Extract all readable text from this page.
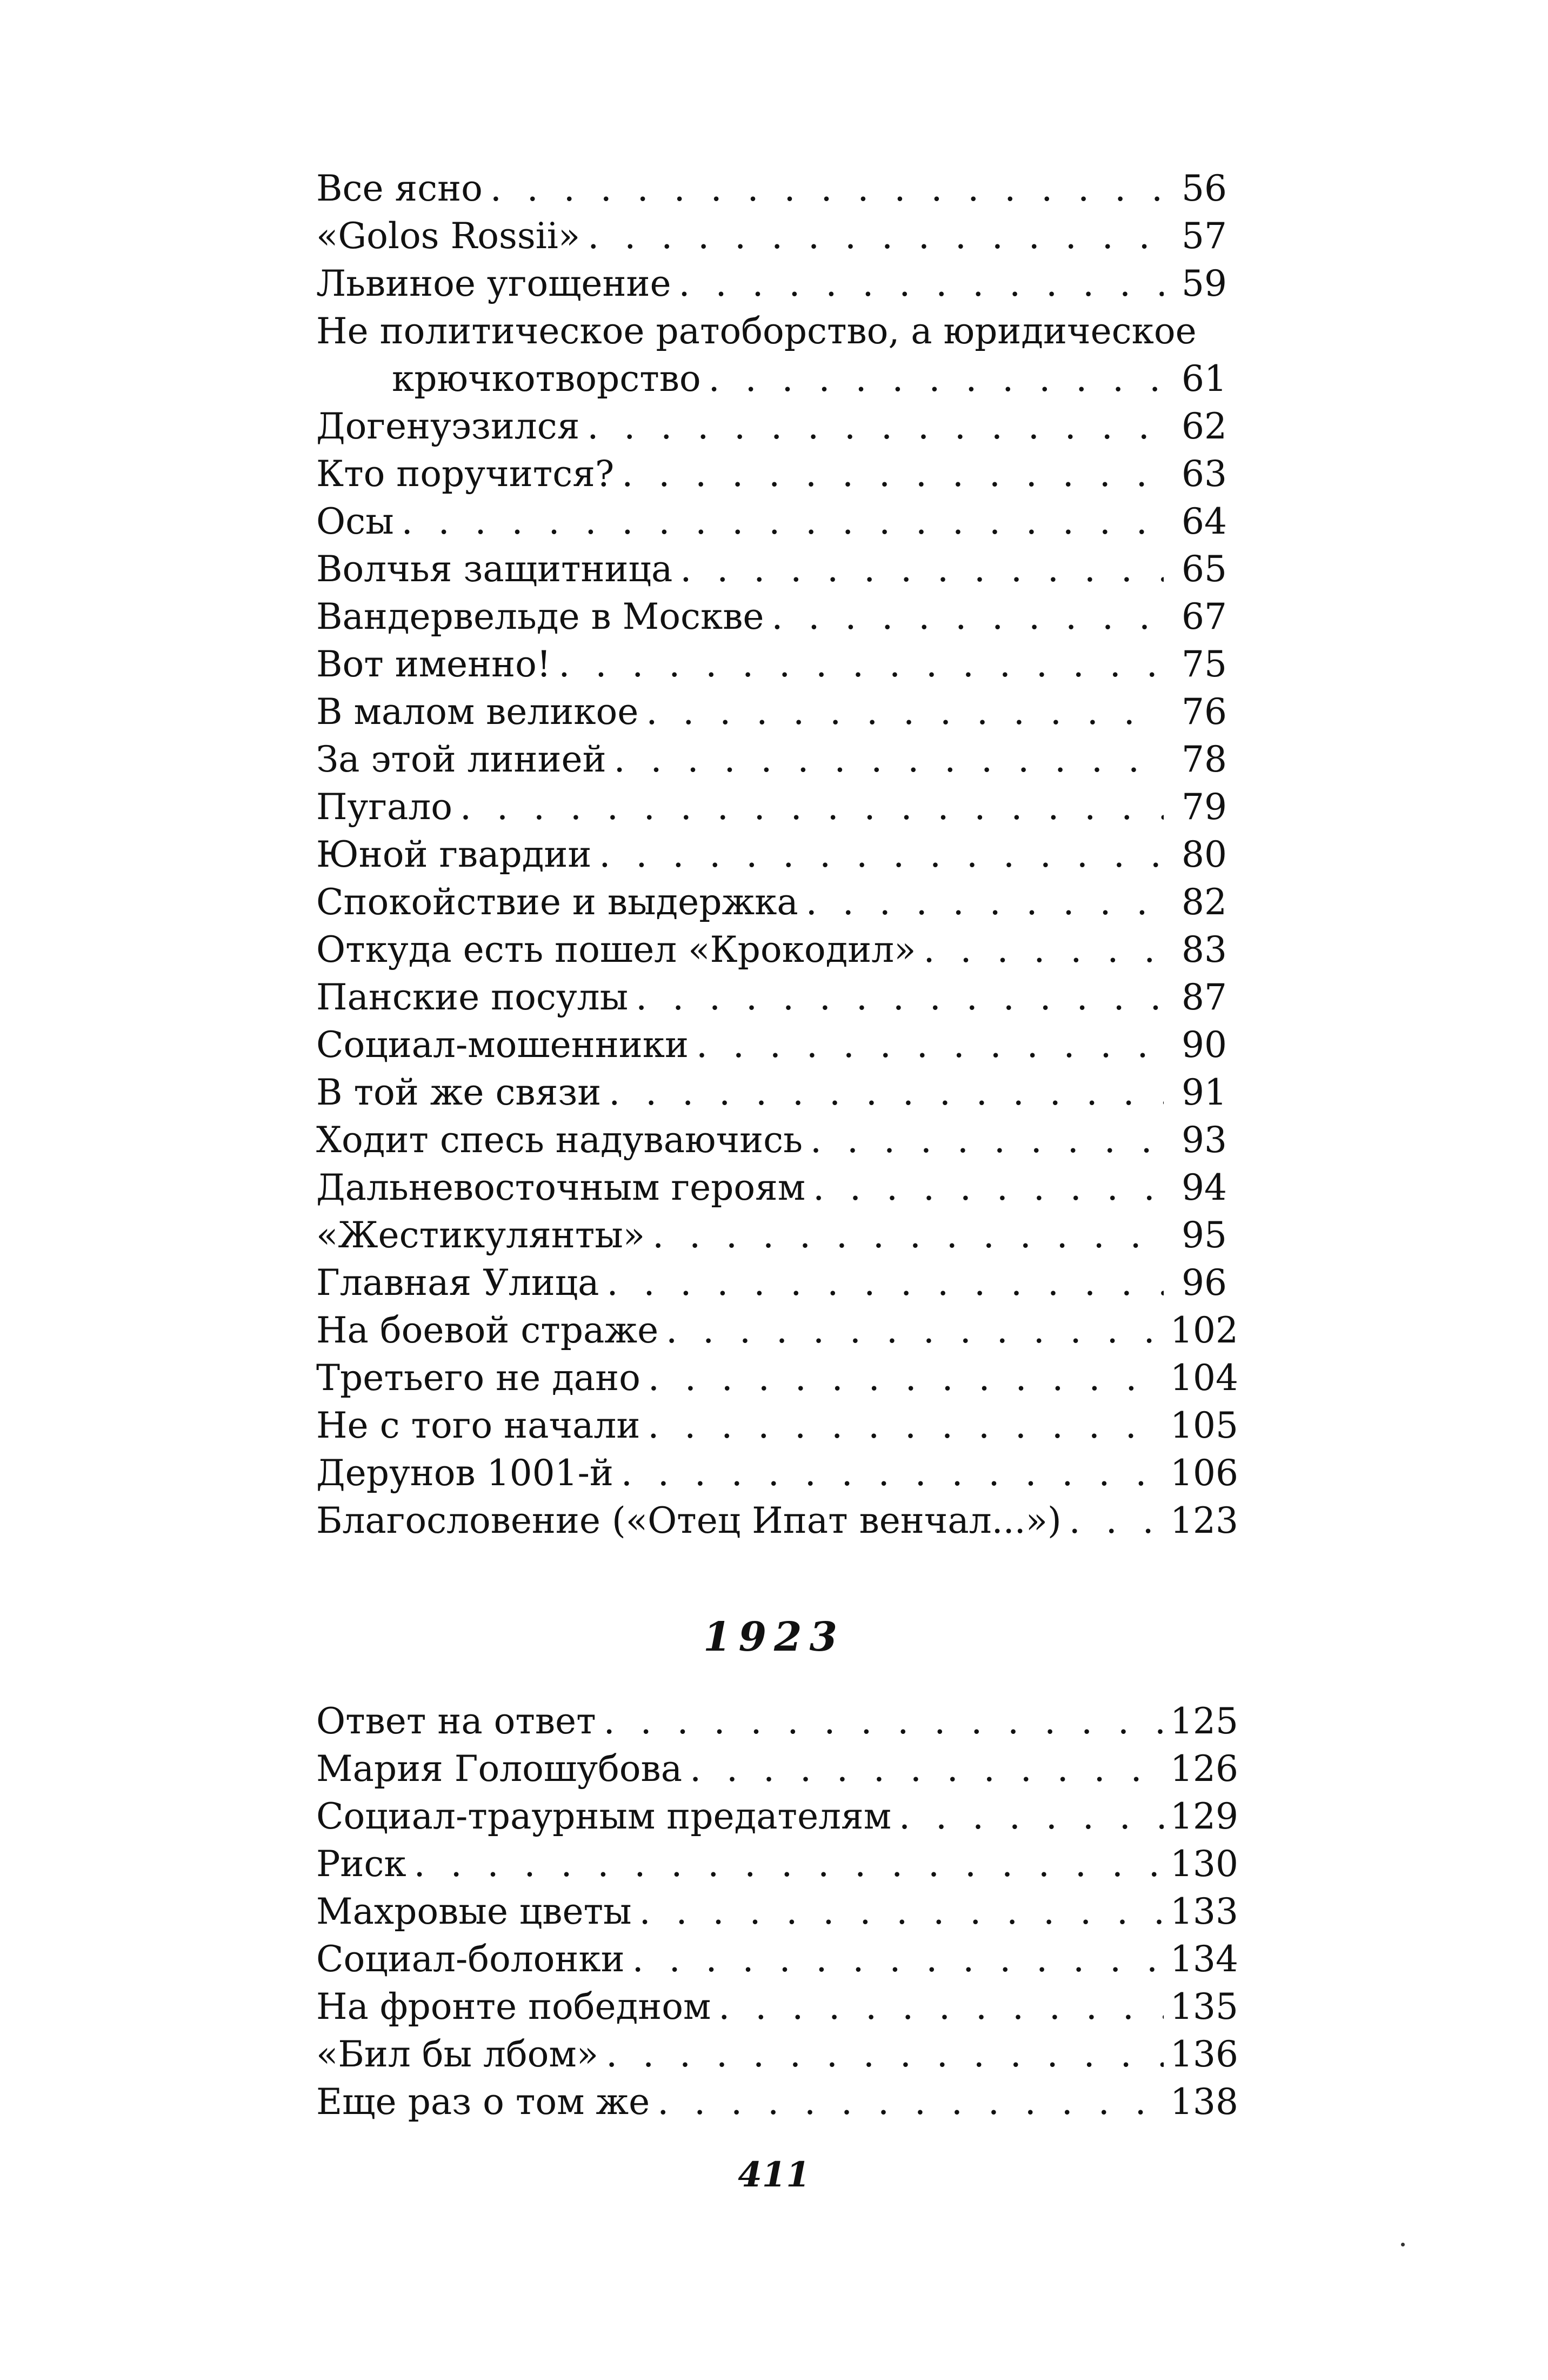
Все ясно . . .	56
«Golos Rossii» . . .	57
Львиное угощение . . .	59
Не политическое ратоборство, а юридическое
крючкотворство . . .	61
Догенуэзился . . .	62
Кто поручится? . . .	63
Осы . . .	64
Волчья защитница . . .	65
Вандервельде в Москве . . .	67
Вот именно! . . .	75
В малом великое . . .	76
За этой линией . . .	78
Пугало . . .	79
Юной гвардии . . .	80
Спокойствие и выдержка . . .	82
Откуда есть пошел «Крокодил» . . .	83
Панские посулы . . .	87
Социал-мошенники . . .	90
В той же связи . . .	91
Ходит спесь надуваючись . . .	93
Дальневосточным героям . . .	94
«Жестикулянты» . . .	95
Главная Улица . . .	96
На боевой страже . . .	102
Третьего не дано . . .	104
Не с того начали . . .	105
Дерунов 1001-й . . .	106
Благословение («Отец Ипат венчал...») . . .	123
1923
Ответ на ответ . . .	125
Мария Голошубова . . .	126
Социал-траурным предателям . . .	129
Риск . . .	130
Махровые цветы . . .	133
Социал-болонки . . .	134
На фронте победном . . .	135
«Бил бы лбом» . . .	136
Еще раз о том же . . .	138
411
